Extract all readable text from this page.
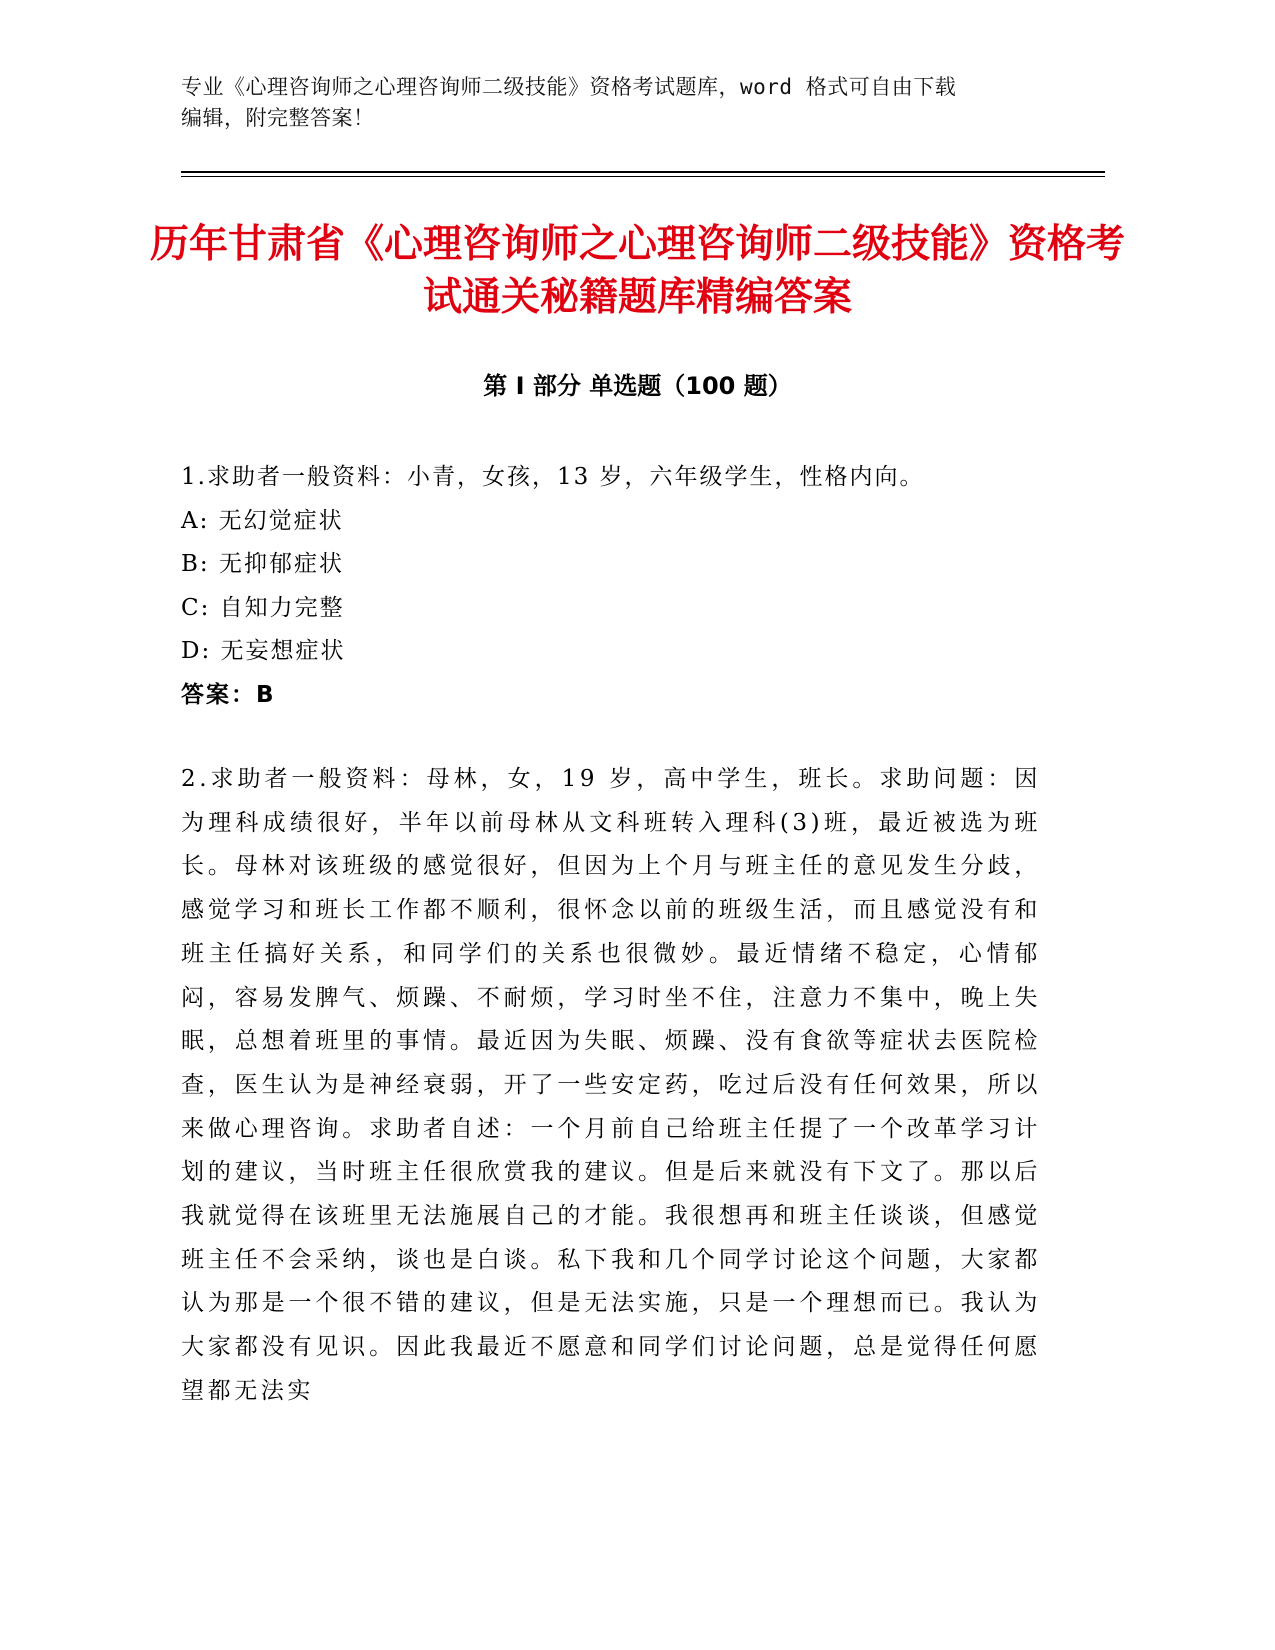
专业《心理咨询师之心理咨询师二级技能》资格考试题库，word 格式可自由下载
编辑，附完整答案！
历年甘肃省《心理咨询师之心理咨询师二级技能》资格考试通关秘籍题库精编答案
第 I 部分 单选题（100 题）
1.求助者一般资料：小青，女孩，13 岁，六年级学生，性格内向。
A: 无幻觉症状
B: 无抑郁症状
C: 自知力完整
D: 无妄想症状
答案：B
2.求助者一般资料：母林，女，19 岁，高中学生，班长。求助问题：因为理科成绩很好，半年以前母林从文科班转入理科(3)班，最近被选为班长。母林对该班级的感觉很好，但因为上个月与班主任的意见发生分歧，感觉学习和班长工作都不顺利，很怀念以前的班级生活，而且感觉没有和班主任搞好关系，和同学们的关系也很微妙。最近情绪不稳定，心情郁闷，容易发脾气、烦躁、不耐烦，学习时坐不住，注意力不集中，晚上失眠，总想着班里的事情。最近因为失眠、烦躁、没有食欲等症状去医院检查，医生认为是神经衰弱，开了一些安定药，吃过后没有任何效果，所以来做心理咨询。求助者自述：一个月前自己给班主任提了一个改革学习计划的建议，当时班主任很欣赏我的建议。但是后来就没有下文了。那以后我就觉得在该班里无法施展自己的才能。我很想再和班主任谈谈，但感觉班主任不会采纳，谈也是白谈。私下我和几个同学讨论这个问题，大家都认为那是一个很不错的建议，但是无法实施，只是一个理想而已。我认为大家都没有见识。因此我最近不愿意和同学们讨论问题，总是觉得任何愿望都无法实
